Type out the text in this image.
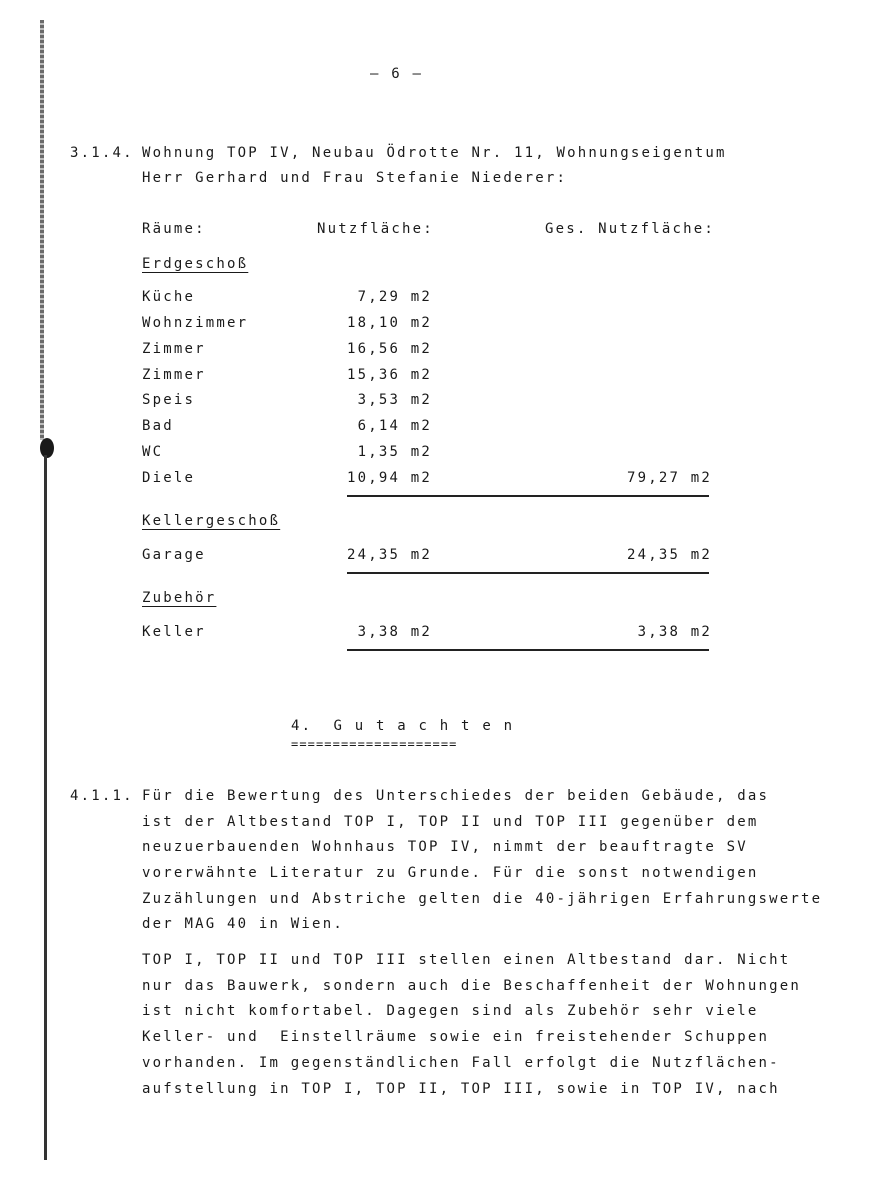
– 6 –
3.1.4. Wohnung TOP IV, Neubau Ödrotte Nr. 11, Wohnungseigentum
Herr Gerhard und Frau Stefanie Niederer:
Räume:	Nutzfläche:	Ges. Nutzfläche:
Erdgeschoß
Küche	7,29 m2
Wohnzimmer	18,10 m2
Zimmer	16,56 m2
Zimmer	15,36 m2
Speis	3,53 m2
Bad	6,14 m2
WC	1,35 m2
Diele	10,94 m2	79,27 m2
Kellergeschoß
Garage	24,35 m2	24,35 m2
Zubehör
Keller	3,38 m2	3,38 m2
4.  G u t a c h t e n
====================
4.1.1. Für die Bewertung des Unterschiedes der beiden Gebäude, das
ist der Altbestand TOP I, TOP II und TOP III gegenüber dem
neuzuerbauenden Wohnhaus TOP IV, nimmt der beauftragte SV
vorerwähnte Literatur zu Grunde. Für die sonst notwendigen
Zuzählungen und Abstriche gelten die 40-jährigen Erfahrungswerte
der MAG 40 in Wien.
TOP I, TOP II und TOP III stellen einen Altbestand dar. Nicht
nur das Bauwerk, sondern auch die Beschaffenheit der Wohnungen
ist nicht komfortabel. Dagegen sind als Zubehör sehr viele
Keller- und  Einstellräume sowie ein freistehender Schuppen
vorhanden. Im gegenständlichen Fall erfolgt die Nutzflächen-
aufstellung in TOP I, TOP II, TOP III, sowie in TOP IV, nach
